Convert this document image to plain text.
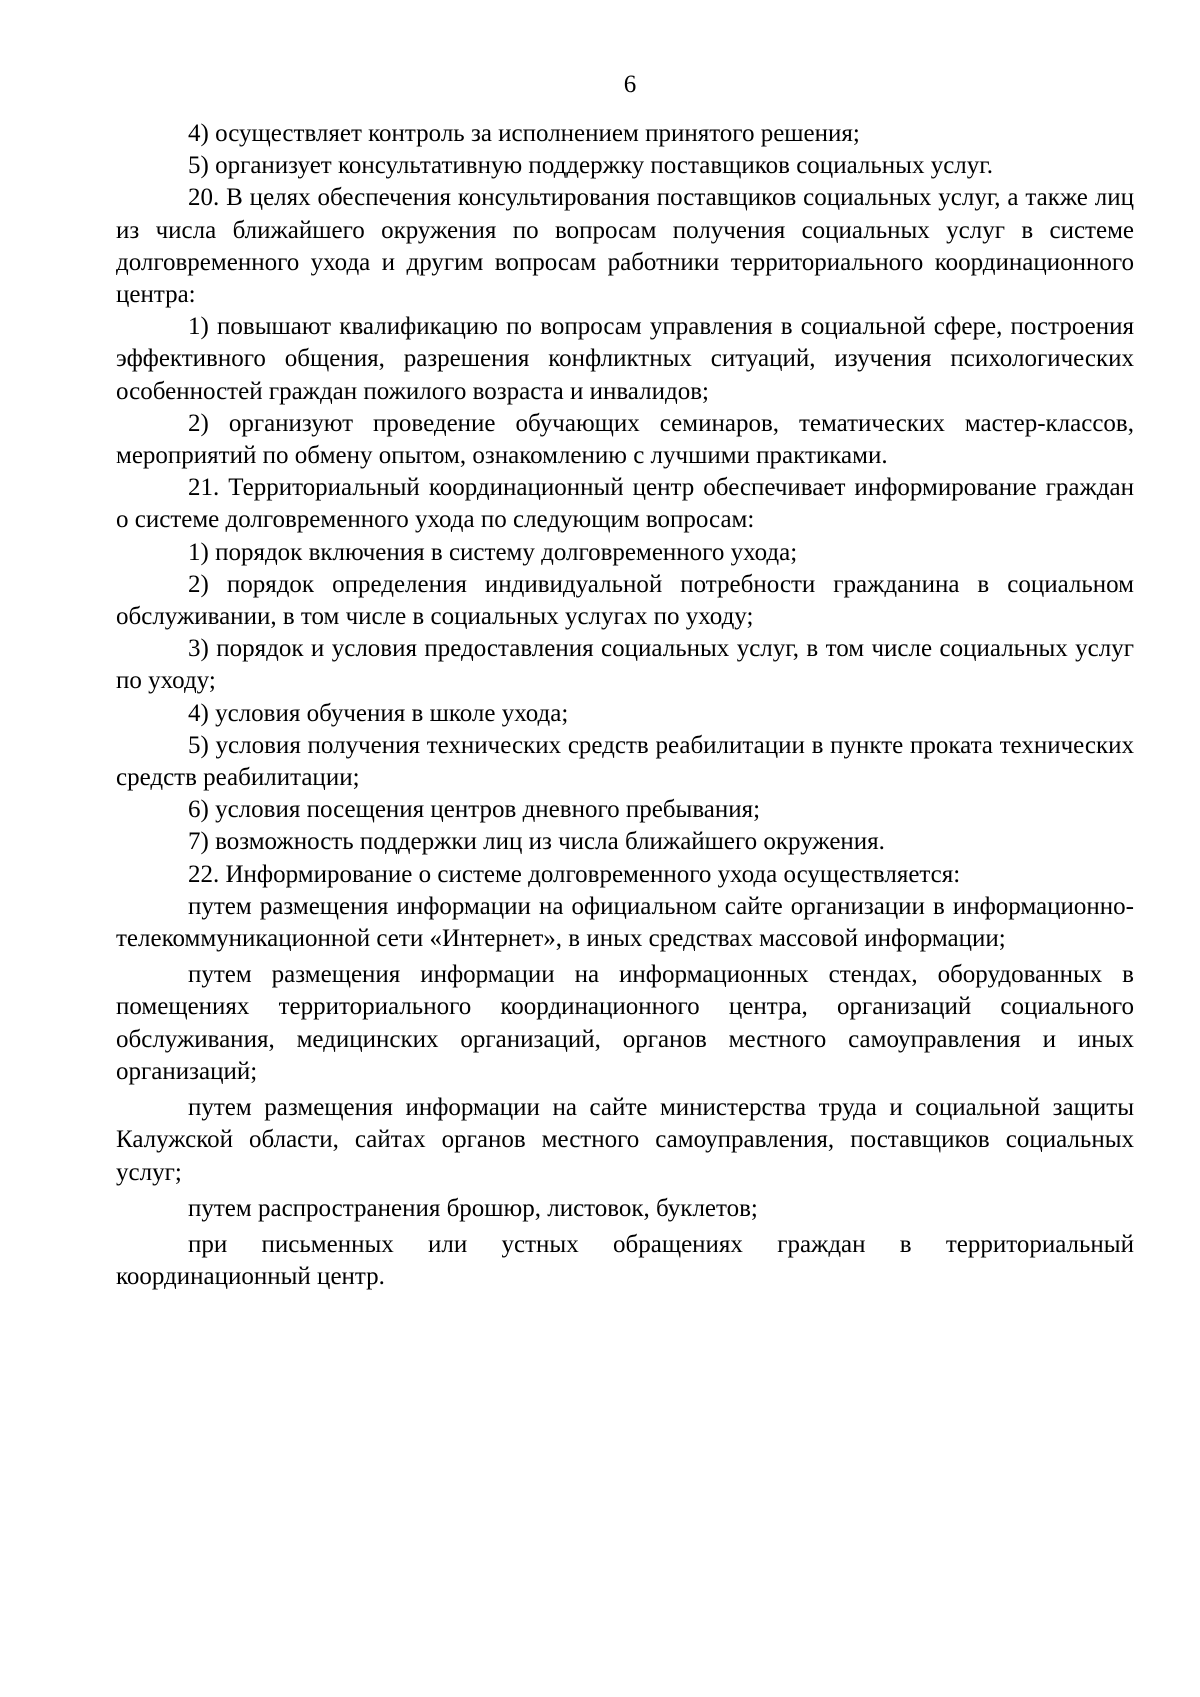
6

4) осуществляет контроль за исполнением принятого решения;

5) организует консультативную поддержку поставщиков социальных услуг.

20. В целях обеспечения консультирования поставщиков социальных услуг, а также лиц из числа ближайшего окружения по вопросам получения социальных услуг в системе долговременного ухода и другим вопросам работники территориального координационного центра:

1) повышают квалификацию по вопросам управления в социальной сфере, построения эффективного общения, разрешения конфликтных ситуаций, изучения психологических особенностей граждан пожилого возраста и инвалидов;

2) организуют проведение обучающих семинаров, тематических мастер-классов, мероприятий по обмену опытом, ознакомлению с лучшими практиками.

21. Территориальный координационный центр обеспечивает информирование граждан о системе долговременного ухода по следующим вопросам:

1) порядок включения в систему долговременного ухода;

2) порядок определения индивидуальной потребности гражданина в социальном обслуживании, в том числе в социальных услугах по уходу;

3) порядок и условия предоставления социальных услуг, в том числе социальных услуг по уходу;

4) условия обучения в школе ухода;

5) условия получения технических средств реабилитации в пункте проката технических средств реабилитации;

6) условия посещения центров дневного пребывания;

7) возможность поддержки лиц из числа ближайшего окружения.

22. Информирование о системе долговременного ухода осуществляется:

путем размещения информации на официальном сайте организации в информационно-телекоммуникационной сети «Интернет», в иных средствах массовой информации;

путем размещения информации на информационных стендах, оборудованных в помещениях территориального координационного центра, организаций социального обслуживания, медицинских организаций, органов местного самоуправления и иных организаций;

путем размещения информации на сайте министерства труда и социальной защиты Калужской области, сайтах органов местного самоуправления, поставщиков социальных услуг;

путем распространения брошюр, листовок, буклетов;

при письменных или устных обращениях граждан в территориальный координационный центр.
